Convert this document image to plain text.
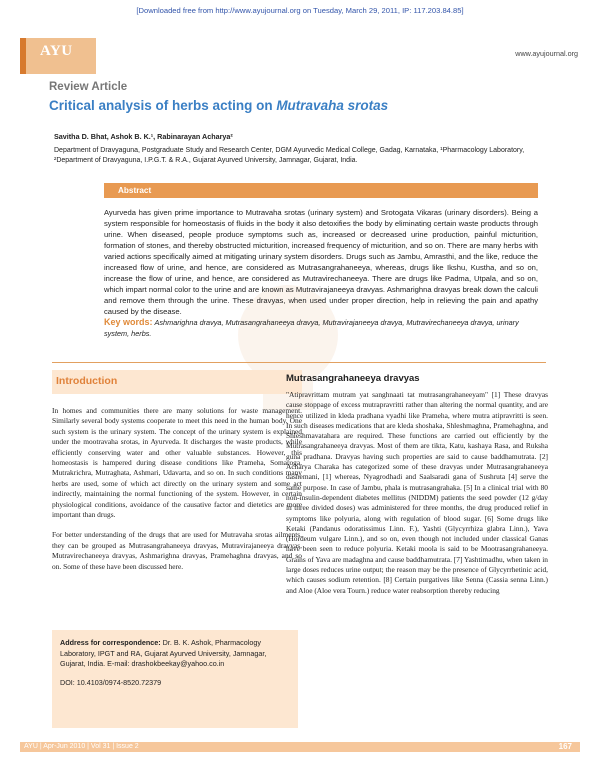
[Downloaded free from http://www.ayujournal.org on Tuesday, March 29, 2011, IP: 117.203.84.85]
AYU	www.ayujournal.org
Review Article
Critical analysis of herbs acting on Mutravaha srotas
Savitha D. Bhat, Ashok B. K.¹, Rabinarayan Acharya²
Department of Dravyaguna, Postgraduate Study and Research Center, DGM Ayurvedic Medical College, Gadag, Karnataka, ¹Pharmacology Laboratory, ²Department of Dravyaguna, I.P.G.T. & R.A., Gujarat Ayurved University, Jamnagar, Gujarat, India.
Abstract
Ayurveda has given prime importance to Mutravaha srotas (urinary system) and Srotogata Vikaras (urinary disorders). Being a system responsible for homeostasis of fluids in the body it also detoxifies the body by eliminating certain waste products through urine. When diseased, people produce symptoms such as, increased or decreased urine production, painful micturition, formation of stones, and thereby obstructed micturition, increased frequency of micturition, and so on. There are many herbs with varied actions specifically aimed at mitigating urinary system disorders. Drugs such as Jambu, Amrasthi, and the like, reduce the increased flow of urine, and hence, are considered as Mutrasangrahaneeya, whereas, drugs like Ikshu, Kustha, and so on, increase the flow of urine, and hence, are considered as Mutravirechaneeya. There are drugs like Padma, Utpala, and so on, which impart normal color to the urine and are known as Mutravirajaneeya dravyas. Ashmarighna dravyas break down the calculi and remove them through the urine. These dravyas, when used under proper direction, help in relieving the pain and apathy caused by the disease.
Key words: Ashmarighna dravya, Mutrasangrahaneeya dravya, Mutravirajaneeya dravya, Mutravirechaneeya dravya, urinary system, herbs.
Introduction	Mutrasangrahaneeya dravyas

In homes and communities there are many solutions for waste management. Similarly several body systems cooperate to meet this need in the human body. One such system is the urinary system. The concept of the urinary system is explained under the mootravaha srotas, in Ayurveda. It discharges the waste products, while efficiently conserving water and other valuable substances. However, this homeostasis is hampered during disease conditions like Prameha, Somaroga, Mutrakrichra, Mutraghata, Ashmari, Udavarta, and so on. In such conditions many herbs are used, some of which act directly on the urinary system and some act indirectly, maintaining the normal functioning of the system. However, in certain physiological conditions, avoidance of the causative factor and dietetics are more important than drugs.

For better understanding of the drugs that are used for Mutravaha srotas ailments, they can be grouped as Mutrasangrahaneeya dravyas, Mutravirajaneeya dravyas, Mutravirechaneeya dravyas, Ashmarighna dravyas, Pramehaghna dravyas, and so on. Some of these have been discussed here.

"Atipravrittam mutram yat sanghnaati tat mutrasangrahaneeyam" [1] These dravyas cause stoppage of excess mutrapravritti rather than altering the normal quantity, and are hence utilized in kleda pradhana vyadhi like Prameha, where mutra atipravritti is seen. In such diseases medications that are kleda shoshaka, Shleshmaghna, Pramehaghna, and Shleshmavatahara are required. These functions are carried out efficiently by the Mutrasangrahaneeya dravyas. Most of them are tikta, Katu, kashaya Rasa, and Ruksha guna pradhana. Dravyas having such properties are said to cause baddhamutrata. [2] Acharya Charaka has categorized some of these dravyas under Mutrasangrahaneeya dashemani, [1] whereas, Nyagrodhadi and Saalsaradi gana of Sushruta [4] serve the same purpose. In case of Jambu, phala is mutrasangrahaka. [5] In a clinical trial with 80 non-insulin-dependent diabetes mellitus (NIDDM) patients the seed powder (12 g/day in three divided doses) was administered for three months, the drug produced relief in symptoms like polyuria, along with regulation of blood sugar. [6] Some drugs like Ketaki (Pandanus odoratissimus Linn. F.), Yashti (Glycyrrhiza glabra Linn.), Yava (Hordeum vulgare Linn.), and so on, even though not included under classical Ganas have been seen to reduce polyuria. Ketaki moola is said to be Mootrasangrahaneeya. Grains of Yava are madaghna and cause baddhamutrata. [7] Yashtimadhu, when taken in large doses reduces urine output; the reason may be the presence of Glycyrrhetinic acid, which causes sodium retention. [8] Certain purgatives like Senna (Cassia senna Linn.) and Aloe (Aloe vera Tourn.) reduce water reabsorption thereby reducing
Address for correspondence: Dr. B. K. Ashok, Pharmacology Laboratory, IPGT and RA, Gujarat Ayurved University, Jamnagar, Gujarat, India. E-mail: drashokbeekay@yahoo.co.in
DOI: 10.4103/0974-8520.72379
AYU | Apr-Jun 2010 | Vol 31 | Issue 2	167
